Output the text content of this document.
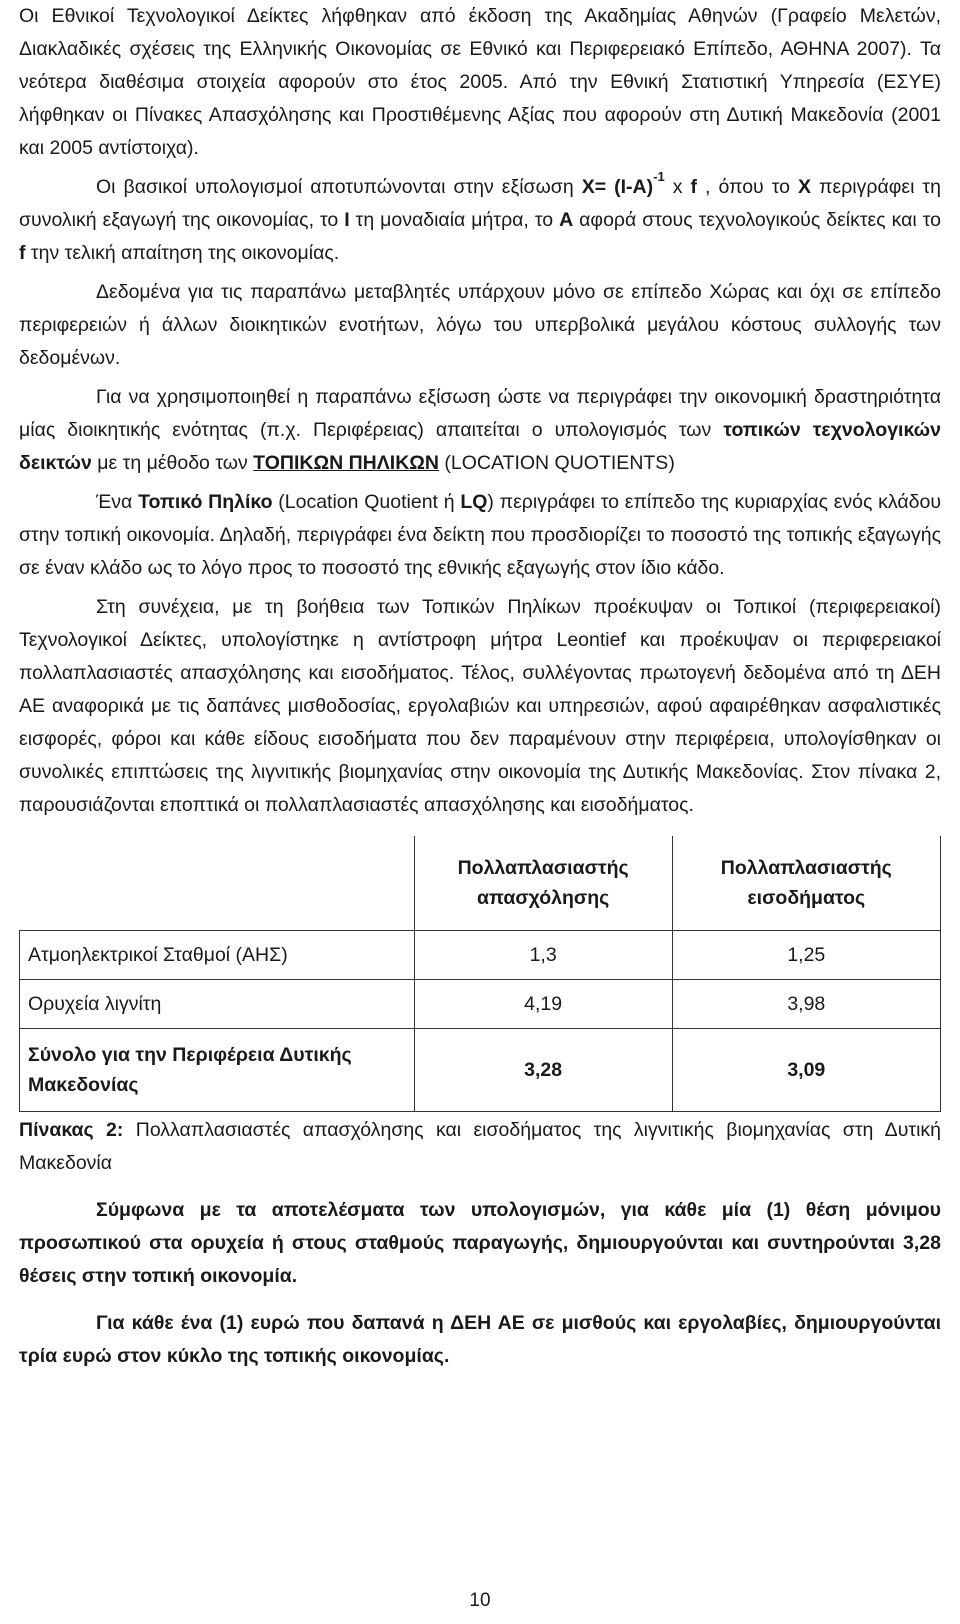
Οι Εθνικοί Τεχνολογικοί Δείκτες λήφθηκαν από έκδοση της Ακαδημίας Αθηνών (Γραφείο Μελετών, Διακλαδικές σχέσεις της Ελληνικής Οικονομίας σε Εθνικό και Περιφερειακό Επίπεδο, ΑΘΗΝΑ 2007). Τα νεότερα διαθέσιμα στοιχεία αφορούν στο έτος 2005. Από την Εθνική Στατιστική Υπηρεσία (ΕΣΥΕ) λήφθηκαν οι Πίνακες Απασχόλησης και Προστιθέμενης Αξίας που αφορούν στη Δυτική Μακεδονία (2001 και 2005 αντίστοιχα).

Οι βασικοί υπολογισμοί αποτυπώνονται στην εξίσωση $X= (I-A)^{-1}$ x f , όπου το X περιγράφει τη συνολική εξαγωγή της οικονομίας, το I τη μοναδιαία μήτρα, το A αφορά στους τεχνολογικούς δείκτες και το f την τελική απαίτηση της οικονομίας.

Δεδομένα για τις παραπάνω μεταβλητές υπάρχουν μόνο σε επίπεδο Χώρας και όχι σε επίπεδο περιφερειών ή άλλων διοικητικών ενοτήτων, λόγω του υπερβολικά μεγάλου κόστους συλλογής των δεδομένων.

Για να χρησιμοποιηθεί η παραπάνω εξίσωση ώστε να περιγράφει την οικονομική δραστηριότητα μίας διοικητικής ενότητας (π.χ. Περιφέρειας) απαιτείται ο υπολογισμός των τοπικών τεχνολογικών δεικτών με τη μέθοδο των ΤΟΠΙΚΩΝ ΠΗΛΙΚΩΝ (LOCATION QUOTIENTS)

Ένα Τοπικό Πηλίκο (Location Quotient ή LQ) περιγράφει το επίπεδο της κυριαρχίας ενός κλάδου στην τοπική οικονομία. Δηλαδή, περιγράφει ένα δείκτη που προσδιορίζει το ποσοστό της τοπικής εξαγωγής σε έναν κλάδο ως το λόγο προς το ποσοστό της εθνικής εξαγωγής στον ίδιο κάδο.

Στη συνέχεια, με τη βοήθεια των Τοπικών Πηλίκων προέκυψαν οι Τοπικοί (περιφερειακοί) Τεχνολογικοί Δείκτες, υπολογίστηκε η αντίστροφη μήτρα Leontief και προέκυψαν οι περιφερειακοί πολλαπλασιαστές απασχόλησης και εισοδήματος. Τέλος, συλλέγοντας πρωτογενή δεδομένα από τη ΔΕΗ ΑΕ αναφορικά με τις δαπάνες μισθοδοσίας, εργολαβιών και υπηρεσιών, αφού αφαιρέθηκαν ασφαλιστικές εισφορές, φόροι και κάθε είδους εισοδήματα που δεν παραμένουν στην περιφέρεια, υπολογίσθηκαν οι συνολικές επιπτώσεις της λιγνιτικής βιομηχανίας στην οικονομία της Δυτικής Μακεδονίας. Στον πίνακα 2, παρουσιάζονται εποπτικά οι πολλαπλασιαστές απασχόλησης και εισοδήματος.

	Πολλαπλασιαστής απασχόλησης	Πολλαπλασιαστής εισοδήματος
Ατμοηλεκτρικοί Σταθμοί (ΑΗΣ)	1,3	1,25
Ορυχεία λιγνίτη	4,19	3,98
Σύνολο για την Περιφέρεια Δυτικής Μακεδονίας	3,28	3,09

Πίνακας 2: Πολλαπλασιαστές απασχόλησης και εισοδήματος της λιγνιτικής βιομηχανίας στη Δυτική Μακεδονία

Σύμφωνα με τα αποτελέσματα των υπολογισμών, για κάθε μία (1) θέση μόνιμου προσωπικού στα ορυχεία ή στους σταθμούς παραγωγής, δημιουργούνται και συντηρούνται 3,28 θέσεις στην τοπική οικονομία.

Για κάθε ένα (1) ευρώ που δαπανά η ΔΕΗ ΑΕ σε μισθούς και εργολαβίες, δημιουργούνται τρία ευρώ στον κύκλο της τοπικής οικονομίας.

10
